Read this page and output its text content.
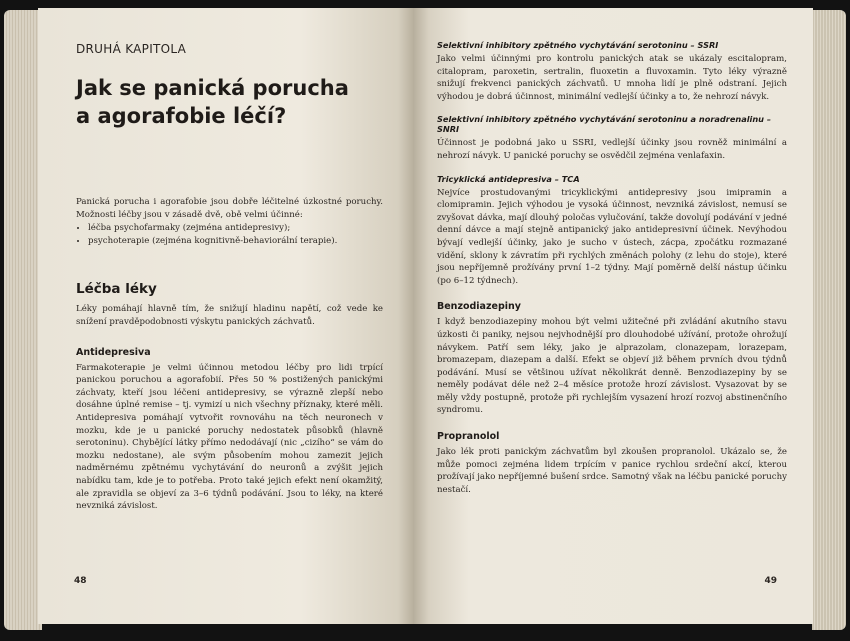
DRUHÁ KAPITOLA
Jak se panická porucha
a agorafobie léčí?

Panická porucha i agorafobie jsou dobře léčitelné úzkostné poruchy. Možnosti léčby jsou v zásadě dvě, obě velmi účinné:

• léčba psychofarmaky (zejména antidepresivy);
• psychoterapie (zejména kognitivně-behaviorální terapie).
Léčba léky

Léky pomáhají hlavně tím, že snižují hladinu napětí, což vede ke snížení pravděpodobnosti výskytu panických záchvatů.

Antidepresiva

Farmakoterapie je velmi účinnou metodou léčby pro lidi trpící panickou poruchou a agorafobií. Přes 50 % postižených panickými záchvaty, kteří jsou léčeni antidepresivy, se výrazně zlepší nebo dosáhne úplné remise – tj. vymizí u nich všechny příznaky, které měli. Antidepresiva pomáhají vytvořit rovnováhu na těch neuronech v mozku, kde je u panické poruchy nedostatek působků (hlavně serotoninu). Chybějící látky přímo nedodávají (nic „cizího“ se vám do mozku nedostane), ale svým působením mohou zamezit jejich nadměrnému zpětnému vychytávání do neuronů a zvýšit jejich nabídku tam, kde je to potřeba. Proto také jejich efekt není okamžitý, ale zpravidla se objeví za 3–6 týdnů podávání. Jsou to léky, na které nevzniká závislost.

48
Selektivní inhibitory zpětného vychytávání serotoninu – SSRI

Jako velmi účinnými pro kontrolu panických atak se ukázaly escitalopram, citalopram, paroxetin, sertralin, fluoxetin a fluvoxamin. Tyto léky výrazně snižují frekvenci panických záchvatů. U mnoha lidí je plně odstraní. Jejich výhodou je dobrá účinnost, minimální vedlejší účinky a to, že nehrozí návyk.

Selektivní inhibitory zpětného vychytávání serotoninu a noradrenalinu – SNRI

Účinnost je podobná jako u SSRI, vedlejší účinky jsou rovněž minimální a nehrozí návyk. U panické poruchy se osvědčil zejména venlafaxin.

Tricyklická antidepresiva – TCA

Nejvíce prostudovanými tricyklickými antidepresivy jsou imipramin a clomipramin. Jejich výhodou je vysoká účinnost, nevzniká závislost, nemusí se zvyšovat dávka, mají dlouhý poločas vylučování, takže dovolují podávání v jedné denní dávce a mají stejně antipanický jako antidepresivní účinek. Nevýhodou bývají vedlejší účinky, jako je sucho v ústech, zácpa, zpočátku rozmazané vidění, sklony k závratím při rychlých změnách polohy (z lehu do stoje), které jsou nepříjemně prožívány první 1–2 týdny. Mají poměrně delší nástup účinku (po 6–12 týdnech).

Benzodiazepiny

I když benzodiazepiny mohou být velmi užitečné při zvládání akutního stavu úzkosti či paniky, nejsou nejvhodnější pro dlouhodobé užívání, protože ohrožují návykem. Patří sem léky, jako je alprazolam, clonazepam, lorazepam, bromazepam, diazepam a další. Efekt se objeví již během prvních dvou týdnů podávání. Musí se většinou užívat několikrát denně. Benzodiazepiny by se neměly podávat déle než 2–4 měsíce protože hrozí závislost. Vysazovat by se měly vždy postupně, protože při rychlejším vysazení hrozí rozvoj abstinenčního syndromu.

Propranolol

Jako lék proti panickým záchvatům byl zkoušen propranolol. Ukázalo se, že může pomoci zejména lidem trpícím v panice rychlou srdeční akcí, kterou prožívají jako nepříjemné bušení srdce. Samotný však na léčbu panické poruchy nestačí.

49
